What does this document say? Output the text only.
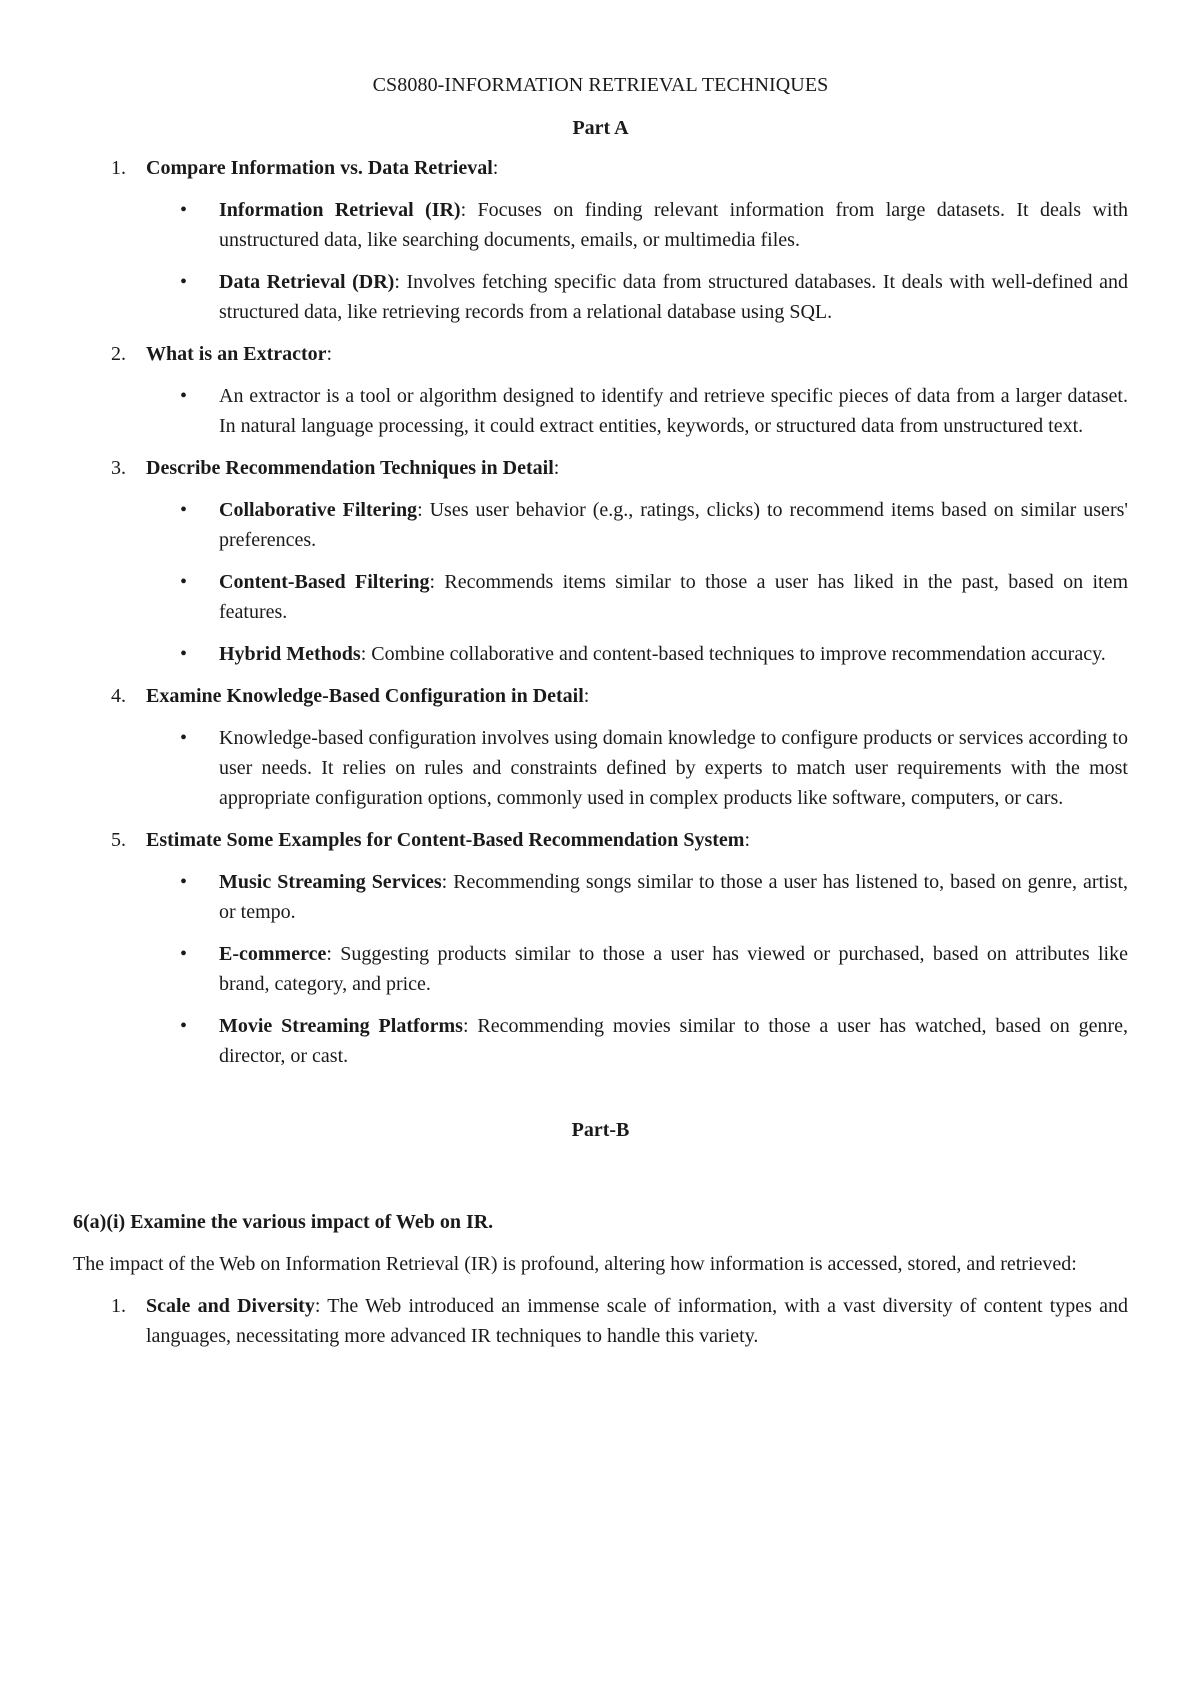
CS8080-INFORMATION RETRIEVAL TECHNIQUES
Part A
1. Compare Information vs. Data Retrieval:
• Information Retrieval (IR): Focuses on finding relevant information from large datasets. It deals with unstructured data, like searching documents, emails, or multimedia files.
• Data Retrieval (DR): Involves fetching specific data from structured databases. It deals with well-defined and structured data, like retrieving records from a relational database using SQL.
2. What is an Extractor:
• An extractor is a tool or algorithm designed to identify and retrieve specific pieces of data from a larger dataset. In natural language processing, it could extract entities, keywords, or structured data from unstructured text.
3. Describe Recommendation Techniques in Detail:
• Collaborative Filtering: Uses user behavior (e.g., ratings, clicks) to recommend items based on similar users' preferences.
• Content-Based Filtering: Recommends items similar to those a user has liked in the past, based on item features.
• Hybrid Methods: Combine collaborative and content-based techniques to improve recommendation accuracy.
4. Examine Knowledge-Based Configuration in Detail:
• Knowledge-based configuration involves using domain knowledge to configure products or services according to user needs. It relies on rules and constraints defined by experts to match user requirements with the most appropriate configuration options, commonly used in complex products like software, computers, or cars.
5. Estimate Some Examples for Content-Based Recommendation System:
• Music Streaming Services: Recommending songs similar to those a user has listened to, based on genre, artist, or tempo.
• E-commerce: Suggesting products similar to those a user has viewed or purchased, based on attributes like brand, category, and price.
• Movie Streaming Platforms: Recommending movies similar to those a user has watched, based on genre, director, or cast.
Part-B
6(a)(i) Examine the various impact of Web on IR.
The impact of the Web on Information Retrieval (IR) is profound, altering how information is accessed, stored, and retrieved:
1. Scale and Diversity: The Web introduced an immense scale of information, with a vast diversity of content types and languages, necessitating more advanced IR techniques to handle this variety.
